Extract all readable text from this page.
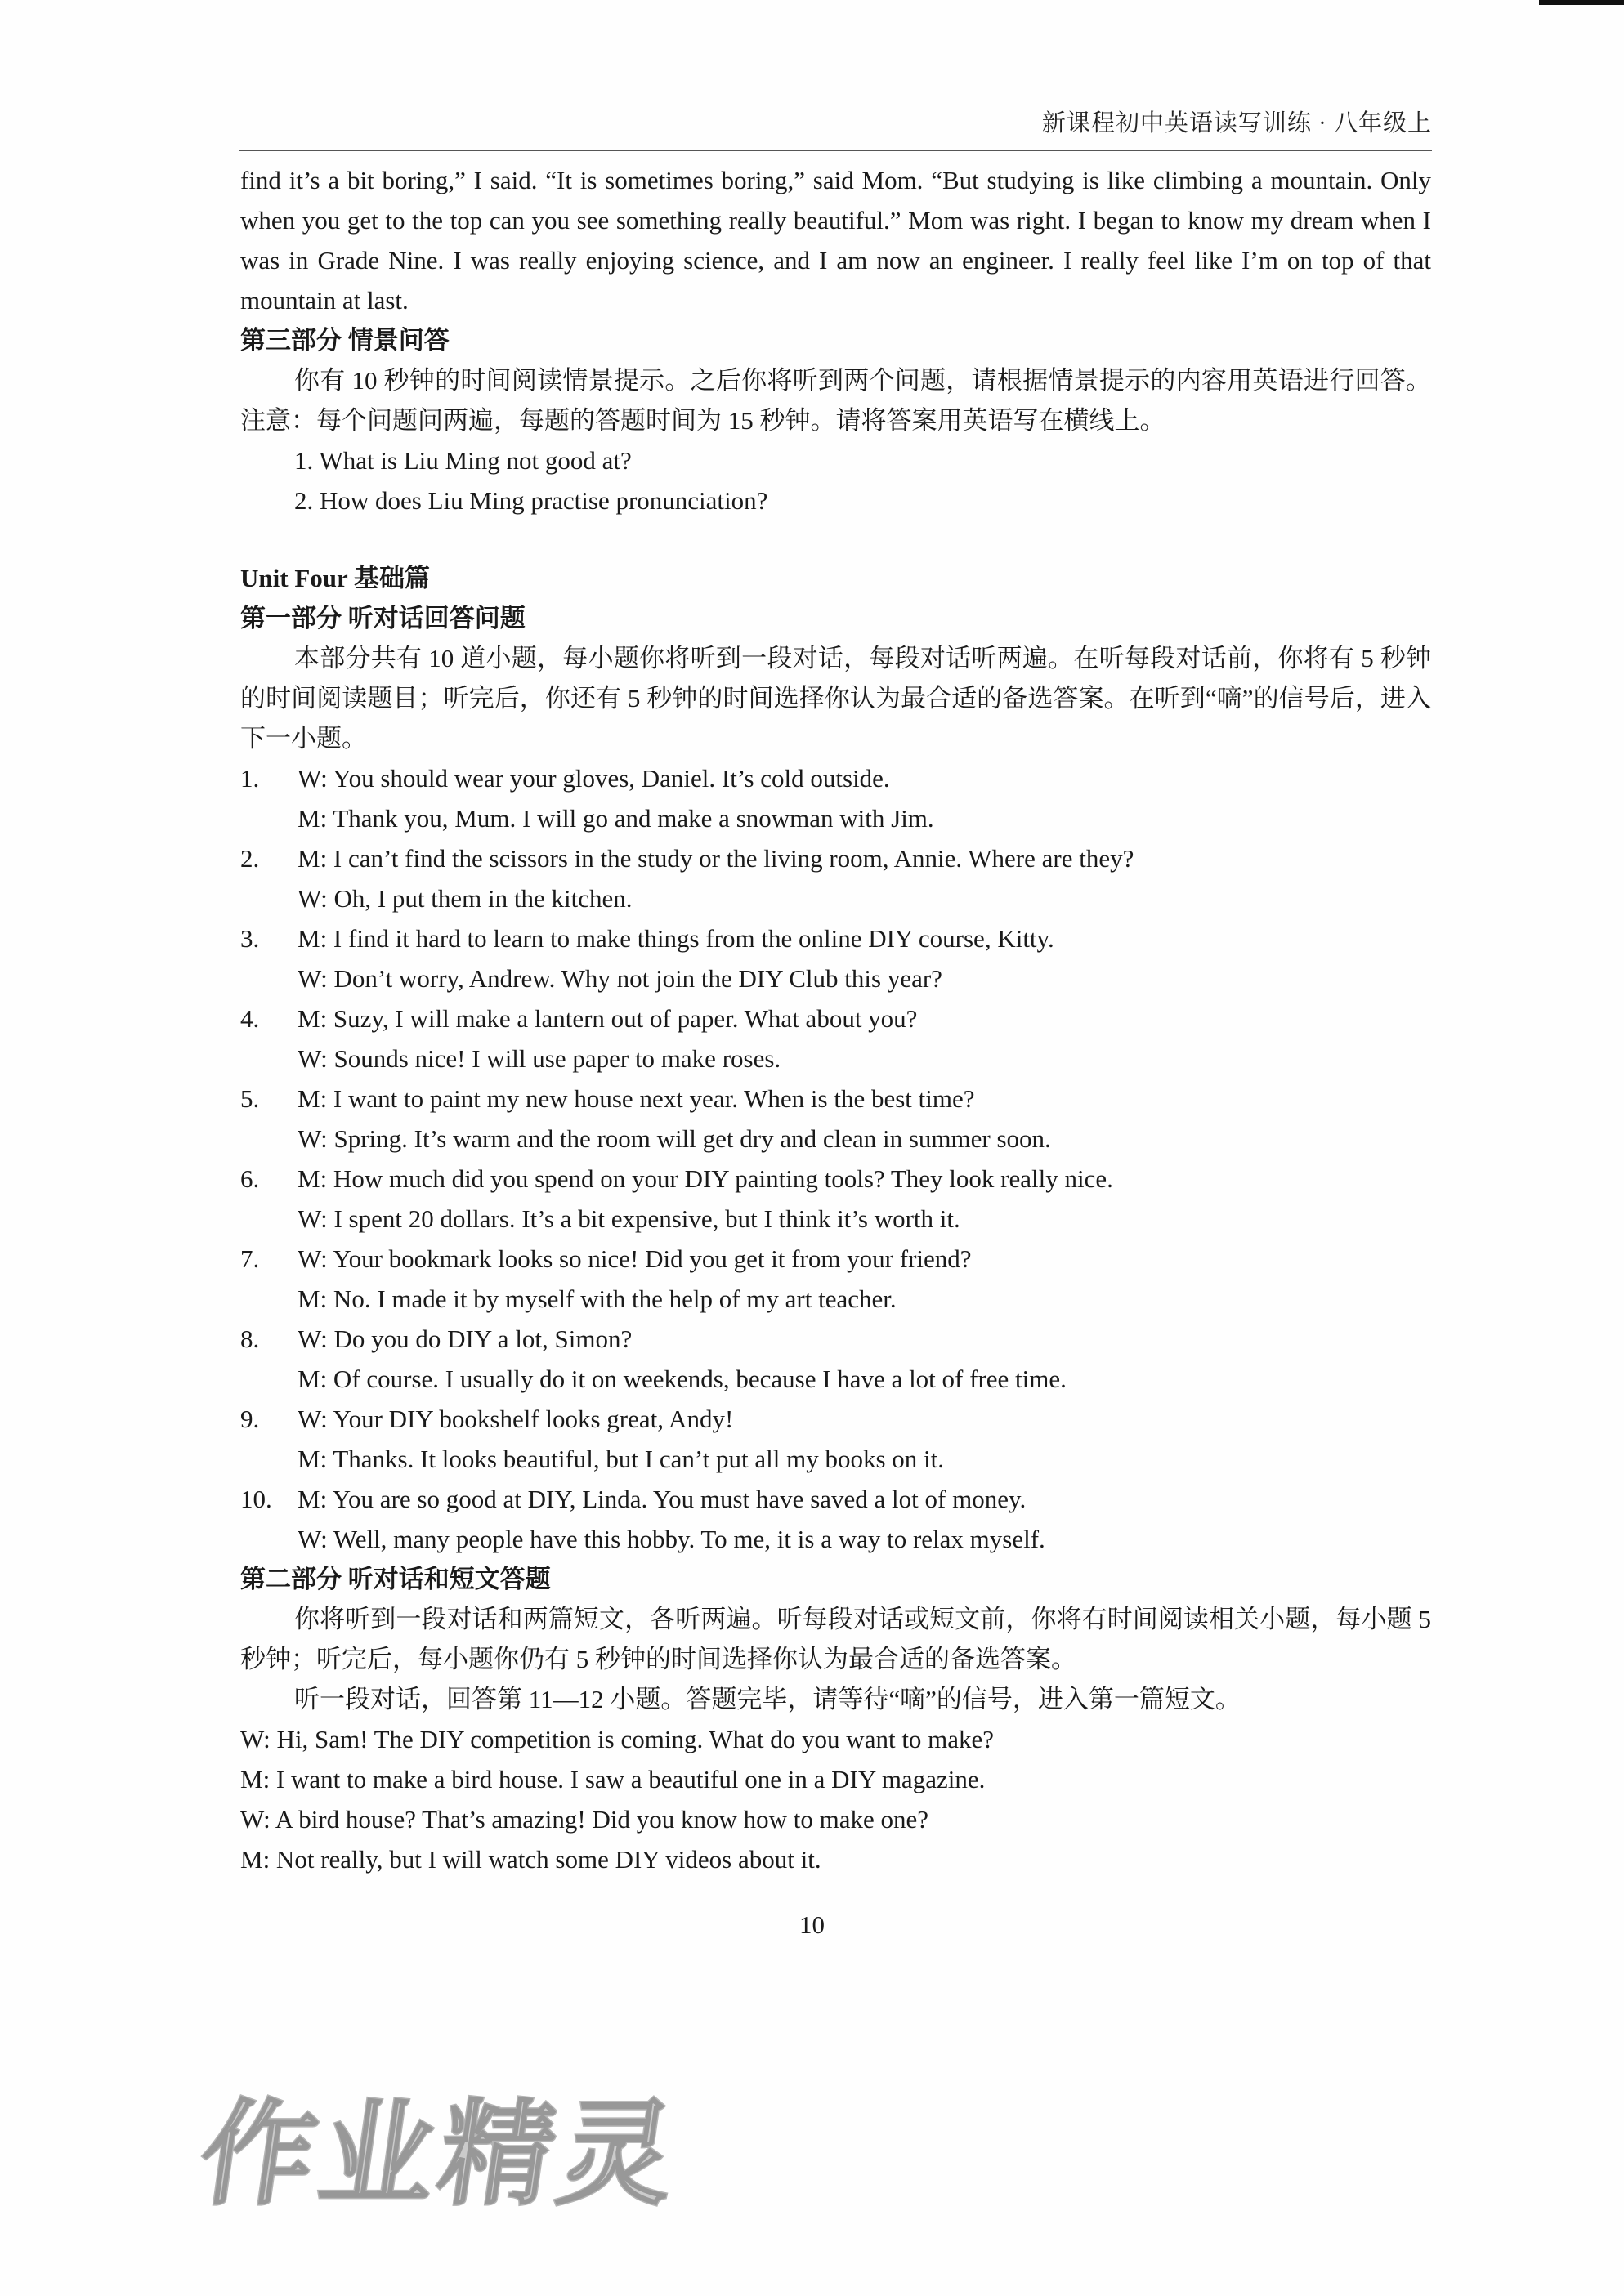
新课程初中英语读写训练 · 八年级上
find it’s a bit boring,” I said. “It is sometimes boring,” said Mom. “But studying is like climbing a mountain. Only when you get to the top can you see something really beautiful.” Mom was right. I began to know my dream when I was in Grade Nine. I was really enjoying science, and I am now an engineer. I really feel like I’m on top of that mountain at last.
第三部分 情景问答
你有 10 秒钟的时间阅读情景提示。之后你将听到两个问题，请根据情景提示的内容用英语进行回答。注意：每个问题问两遍，每题的答题时间为 15 秒钟。请将答案用英语写在横线上。
1. What is Liu Ming not good at?
2. How does Liu Ming practise pronunciation?
Unit Four 基础篇
第一部分 听对话回答问题
本部分共有 10 道小题，每小题你将听到一段对话，每段对话听两遍。在听每段对话前，你将有 5 秒钟的时间阅读题目；听完后，你还有 5 秒钟的时间选择你认为最合适的备选答案。在听到“嘀”的信号后，进入下一小题。
1.	W: You should wear your gloves, Daniel. It’s cold outside.
M: Thank you, Mum. I will go and make a snowman with Jim.
2.	M: I can’t find the scissors in the study or the living room, Annie. Where are they?
W: Oh, I put them in the kitchen.
3.	M: I find it hard to learn to make things from the online DIY course, Kitty.
W: Don’t worry, Andrew. Why not join the DIY Club this year?
4.	M: Suzy, I will make a lantern out of paper. What about you?
W: Sounds nice! I will use paper to make roses.
5.	M: I want to paint my new house next year. When is the best time?
W: Spring. It’s warm and the room will get dry and clean in summer soon.
6.	M: How much did you spend on your DIY painting tools? They look really nice.
W: I spent 20 dollars. It’s a bit expensive, but I think it’s worth it.
7.	W: Your bookmark looks so nice! Did you get it from your friend?
M: No. I made it by myself with the help of my art teacher.
8.	W: Do you do DIY a lot, Simon?
M: Of course. I usually do it on weekends, because I have a lot of free time.
9.	W: Your DIY bookshelf looks great, Andy!
M: Thanks. It looks beautiful, but I can’t put all my books on it.
10.	M: You are so good at DIY, Linda. You must have saved a lot of money.
W: Well, many people have this hobby. To me, it is a way to relax myself.
第二部分 听对话和短文答题
你将听到一段对话和两篇短文，各听两遍。听每段对话或短文前，你将有时间阅读相关小题，每小题 5 秒钟；听完后，每小题你仍有 5 秒钟的时间选择你认为最合适的备选答案。
听一段对话，回答第 11—12 小题。答题完毕，请等待“嘀”的信号，进入第一篇短文。
W: Hi, Sam! The DIY competition is coming. What do you want to make?
M: I want to make a bird house. I saw a beautiful one in a DIY magazine.
W: A bird house? That’s amazing! Did you know how to make one?
M: Not really, but I will watch some DIY videos about it.
10
作业精灵
